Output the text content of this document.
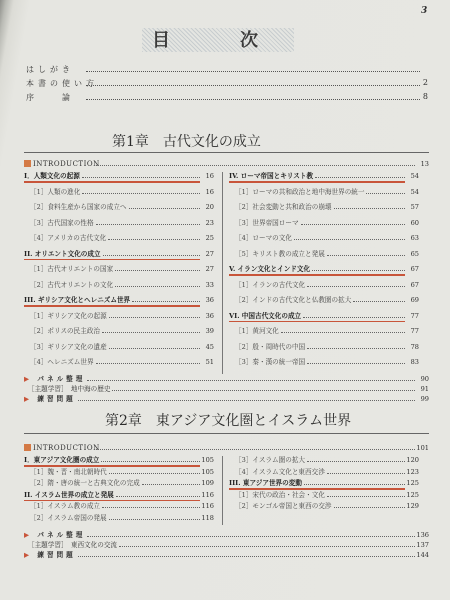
3
目　次
はしがき
本書の使い方	2
序　　論	8
第1章　古代文化の成立
INTRODUCTION	13
I．人類文化の起源	16
［1］人類の進化	16
［2］食料生産から国家の成立へ	20
［3］古代国家の性格	23
［4］アメリカの古代文化	25
II. オリエント文化の成立	27
［1］古代オリエントの国家	27
［2］古代オリエントの文化	33
III. ギリシア文化とヘレニズム世界	36
［1］ギリシア文化の起源	36
［2］ポリスの民主政治	39
［3］ギリシア文化の遺産	45
［4］ヘレニズム世界	51
IV. ローマ帝国とキリスト教	54
［1］ローマの共和政治と地中海世界の統一	54
［2］社会変動と共和政治の崩壊	57
［3］世界帝国ローマ	60
［4］ローマの文化	63
［5］キリスト教の成立と発展	65
V. イラン文化とインド文化	67
［1］イランの古代文化	67
［2］インドの古代文化と仏教圏の拡大	69
VI. 中国古代文化の成立	77
［1］黄河文化	77
［2］殷・周時代の中国	78
［3］秦・漢の統一帝国	83
▶ パネル整理	90
［主題学習］　地中海の歴史	91
▶ 練習問題	99
第2章　東アジア文化圏とイスラム世界
INTRODUCTION	101
I．東アジア文化圏の成立	105
［1］魏・晋・南北朝時代	105
［2］隋・唐の統一と古典文化の完成	109
II. イスラム世界の成立と発展	116
［1］イスラム教の成立	116
［2］イスラム帝国の発展	118
［3］イスラム圏の拡大	120
［4］イスラム文化と東西交渉	123
III. 東アジア世界の変動	125
［1］宋代の政治・社会・文化	125
［2］モンゴル帝国と東西の交渉	129
▶ パネル整理	136
［主題学習］　東西文化の交流	137
▶ 練習問題	144
